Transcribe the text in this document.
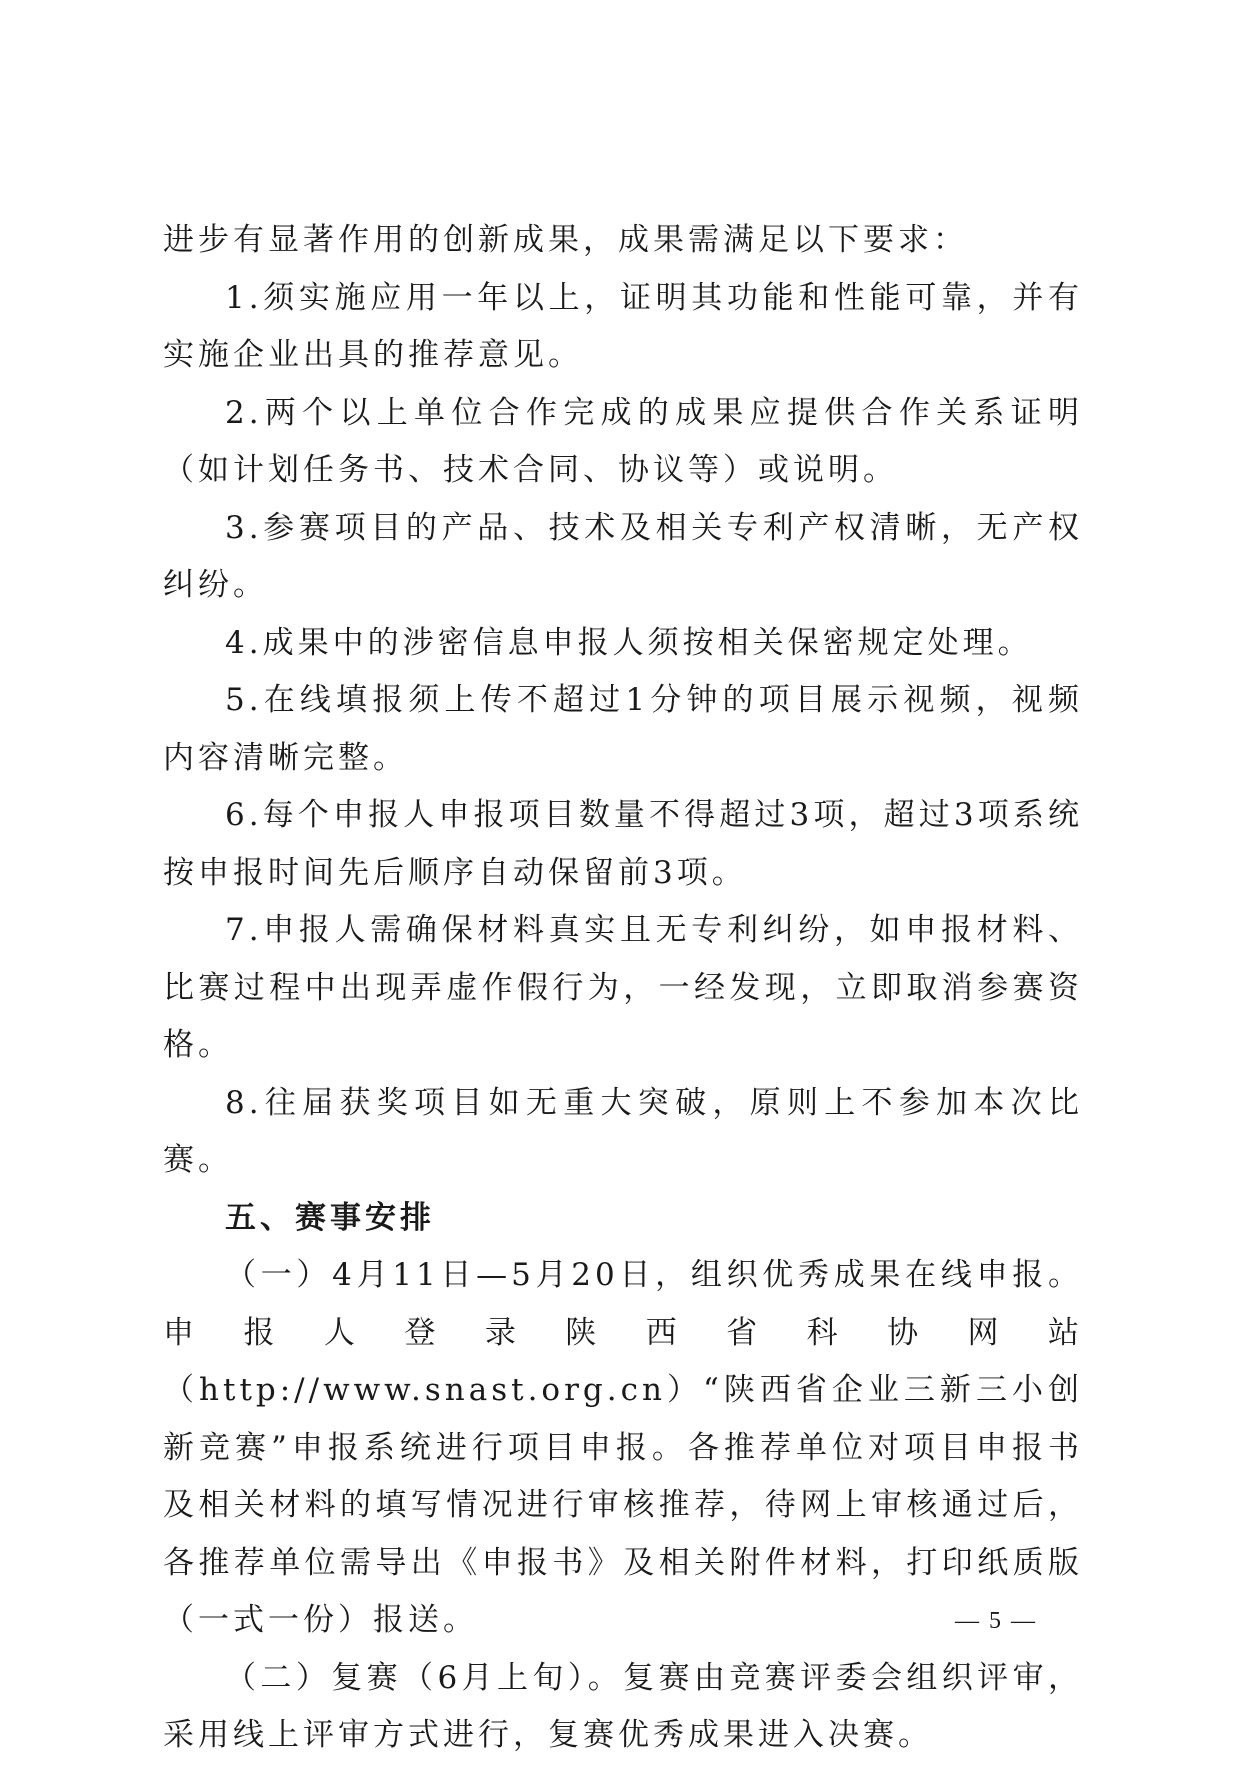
进步有显著作用的创新成果，成果需满足以下要求：

1.须实施应用一年以上，证明其功能和性能可靠，并有实施企业出具的推荐意见。

2.两个以上单位合作完成的成果应提供合作关系证明（如计划任务书、技术合同、协议等）或说明。

3.参赛项目的产品、技术及相关专利产权清晰，无产权纠纷。

4.成果中的涉密信息申报人须按相关保密规定处理。

5.在线填报须上传不超过1分钟的项目展示视频，视频内容清晰完整。

6.每个申报人申报项目数量不得超过3项，超过3项系统按申报时间先后顺序自动保留前3项。

7.申报人需确保材料真实且无专利纠纷，如申报材料、比赛过程中出现弄虚作假行为，一经发现，立即取消参赛资格。

8.往届获奖项目如无重大突破，原则上不参加本次比赛。

五、赛事安排

（一）4月11日—5月20日，组织优秀成果在线申报。申报人登录陕西省科协网站（http://www.snast.org.cn）“陕西省企业三新三小创新竞赛”申报系统进行项目申报。各推荐单位对项目申报书及相关材料的填写情况进行审核推荐，待网上审核通过后，各推荐单位需导出《申报书》及相关附件材料，打印纸质版（一式一份）报送。

（二）复赛（6月上旬）。复赛由竞赛评委会组织评审，采用线上评审方式进行，复赛优秀成果进入决赛。

— 5 —
